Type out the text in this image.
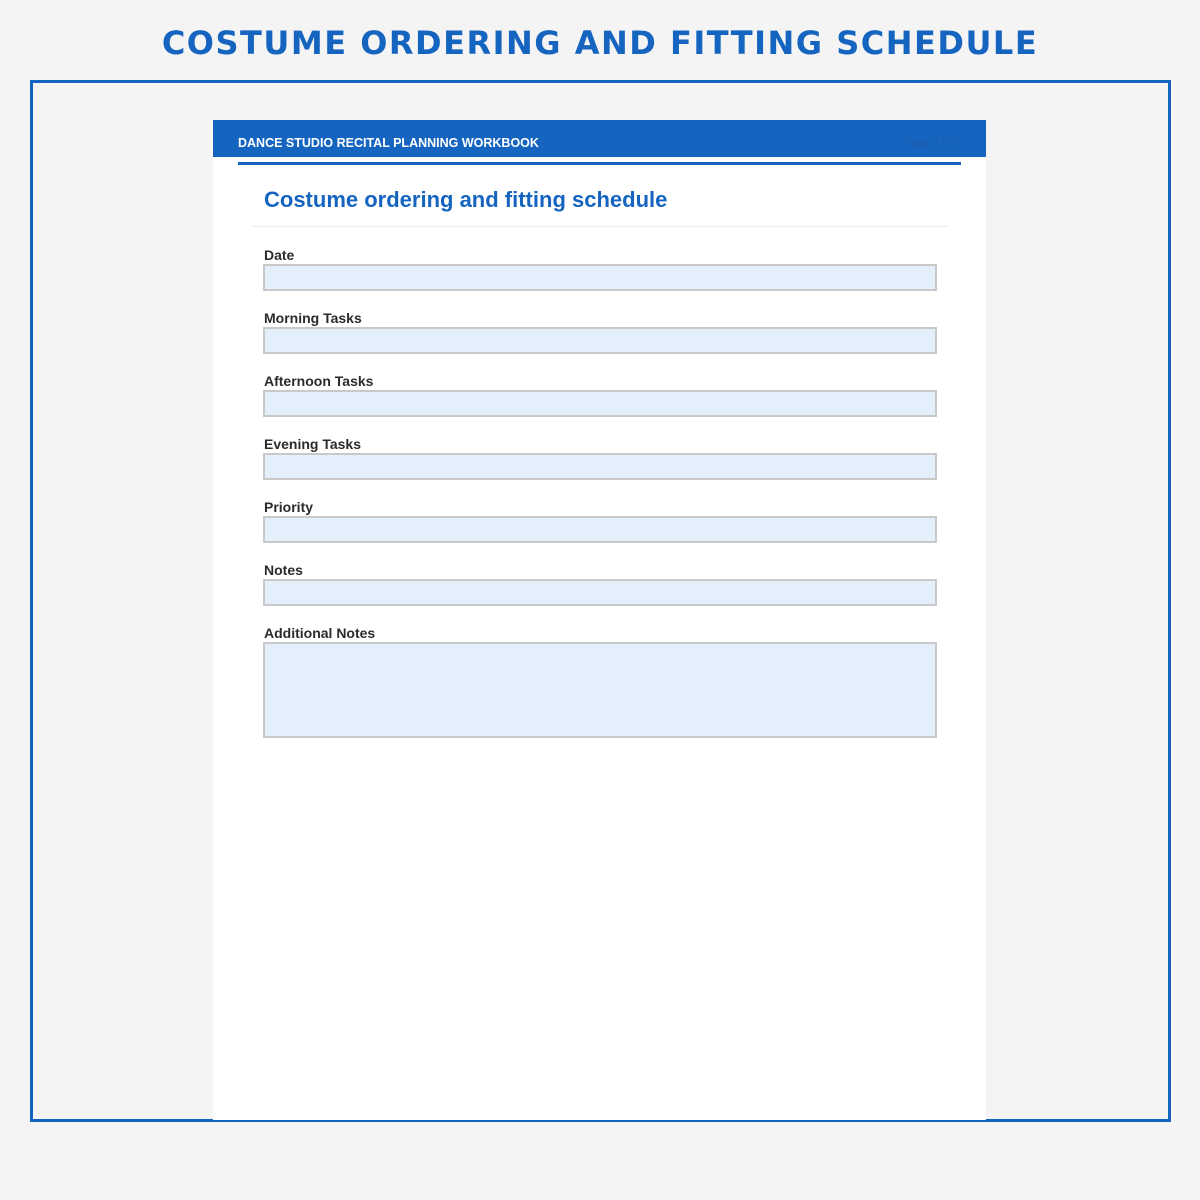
COSTUME ORDERING AND FITTING SCHEDULE
DANCE STUDIO RECITAL PLANNING WORKBOOK	Page 2 of 6
Costume ordering and fitting schedule
Date
Morning Tasks
Afternoon Tasks
Evening Tasks
Priority
Notes
Additional Notes
